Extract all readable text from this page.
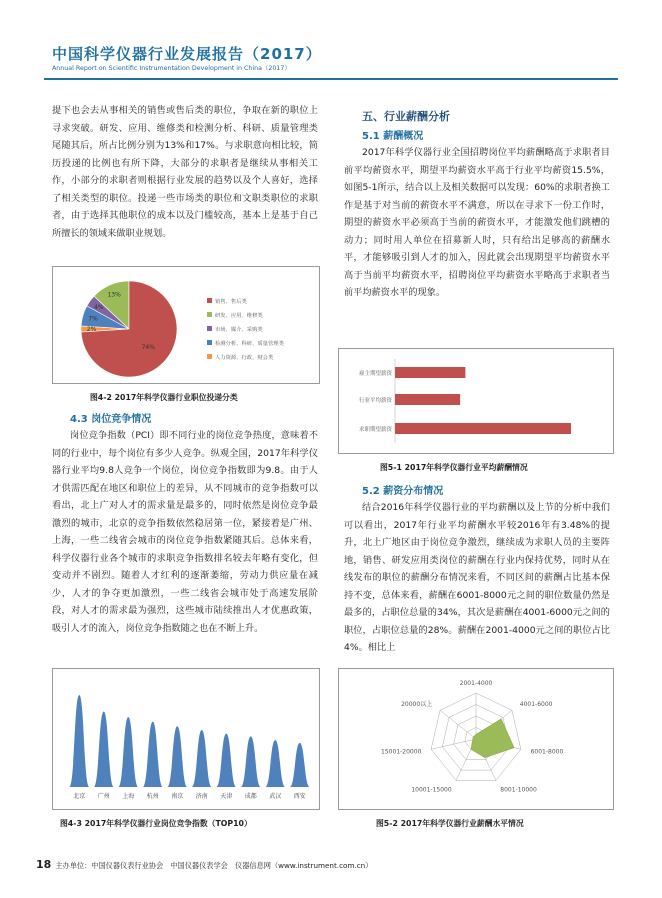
中国科学仪器行业发展报告（2017）
Annual Report on Scientific Instrumentation Development in China（2017）
提下也会去从事相关的销售或售后类的职位，争取在新的职位上寻求突破。研发、应用、维修类和检测分析、科研、质量管理类尾随其后，所占比例分别为13%和17%。与求职意向相比较，简历投递的比例也有所下降，大部分的求职者是继续从事相关工作，小部分的求职者则根据行业发展的趋势以及个人喜好，选择了相关类型的职位。投递一些市场类的职位和文职类职位的求职者，由于选择其他职位的成本以及门槛较高，基本上是基于自己所擅长的领域来做职业规划。
2%
7%
4%
13%
74%
销售、售后类
研发、应用、维修类
市场、媒介、采购类
检测分析、科研、质量管理类
人力资源、行政、财会类
图4-2 2017年科学仪器行业职位投递分类
4.3 岗位竞争情况
岗位竞争指数（PCI）即不同行业的岗位竞争热度，意味着不同的行业中，每个岗位有多少人竞争。纵观全国，2017年科学仪器行业平均9.8人竞争一个岗位，岗位竞争指数即为9.8。由于人才供需匹配在地区和职位上的差异，从不同城市的竞争指数可以看出，北上广对人才的需求量是最多的，同时依然是岗位竞争最激烈的城市，北京的竞争指数依然稳居第一位，紧接着是广州、上海，一些二线省会城市的岗位竞争指数紧随其后。总体来看，科学仪器行业各个城市的求职竞争指数排名较去年略有变化，但变动并不剧烈。随着人才红利的逐渐萎缩，劳动力供应量在减少，人才的争夺更加激烈，一些二线省会城市处于高速发展阶段，对人才的需求最为强烈，这些城市陆续推出人才优惠政策，吸引人才的流入，岗位竞争指数随之也在不断上升。
北京 广州 上海 杭州 南京 济南 天津 成都 武汉 西安
图4-3 2017年科学仪器行业岗位竞争指数（TOP10）
五、行业薪酬分析
5.1 薪酬概况
2017年科学仪器行业全国招聘岗位平均薪酬略高于求职者目前平均薪资水平，期望平均薪资水平高于行业平均薪资15.5%，如图5-1所示，结合以上及相关数据可以发现：60%的求职者换工作是基于对当前的薪资水平不满意，所以在寻求下一份工作时，期望的薪资水平必须高于当前的薪资水平，才能激发他们跳槽的动力；同时用人单位在招募新人时，只有给出足够高的薪酬水平，才能够吸引到人才的加入，因此就会出现期望平均薪资水平高于当前平均薪资水平，招聘岗位平均薪资水平略高于求职者当前平均薪资水平的现象。
雇主期望薪资
行业平均薪资
求职期望薪资
图5-1 2017年科学仪器行业平均薪酬情况
5.2 薪资分布情况
结合2016年科学仪器行业的平均薪酬以及上节的分析中我们可以看出，2017年行业平均薪酬水平较2016年有3.48%的提升，北上广地区由于岗位竞争激烈，继续成为求职人员的主要阵地，销售、研发应用类岗位的薪酬在行业内保持优势，同时从在线发布的职位的薪酬分布情况来看，不同区间的薪酬占比基本保持不变，总体来看，薪酬在6001-8000元之间的职位数量仍然是最多的，占职位总量的34%，其次是薪酬在4001-6000元之间的职位，占职位总量的28%。薪酬在2001-4000元之间的职位占比4%。相比上
2001-4000
4001-6000
6001-8000
8001-10000
10001-15000
15001-20000
20000以上
图5-2 2017年科学仪器行业薪酬水平情况
18 主办单位：中国仪器仪表行业协会　中国仪器仪表学会　仪器信息网（www.instrument.com.cn）
